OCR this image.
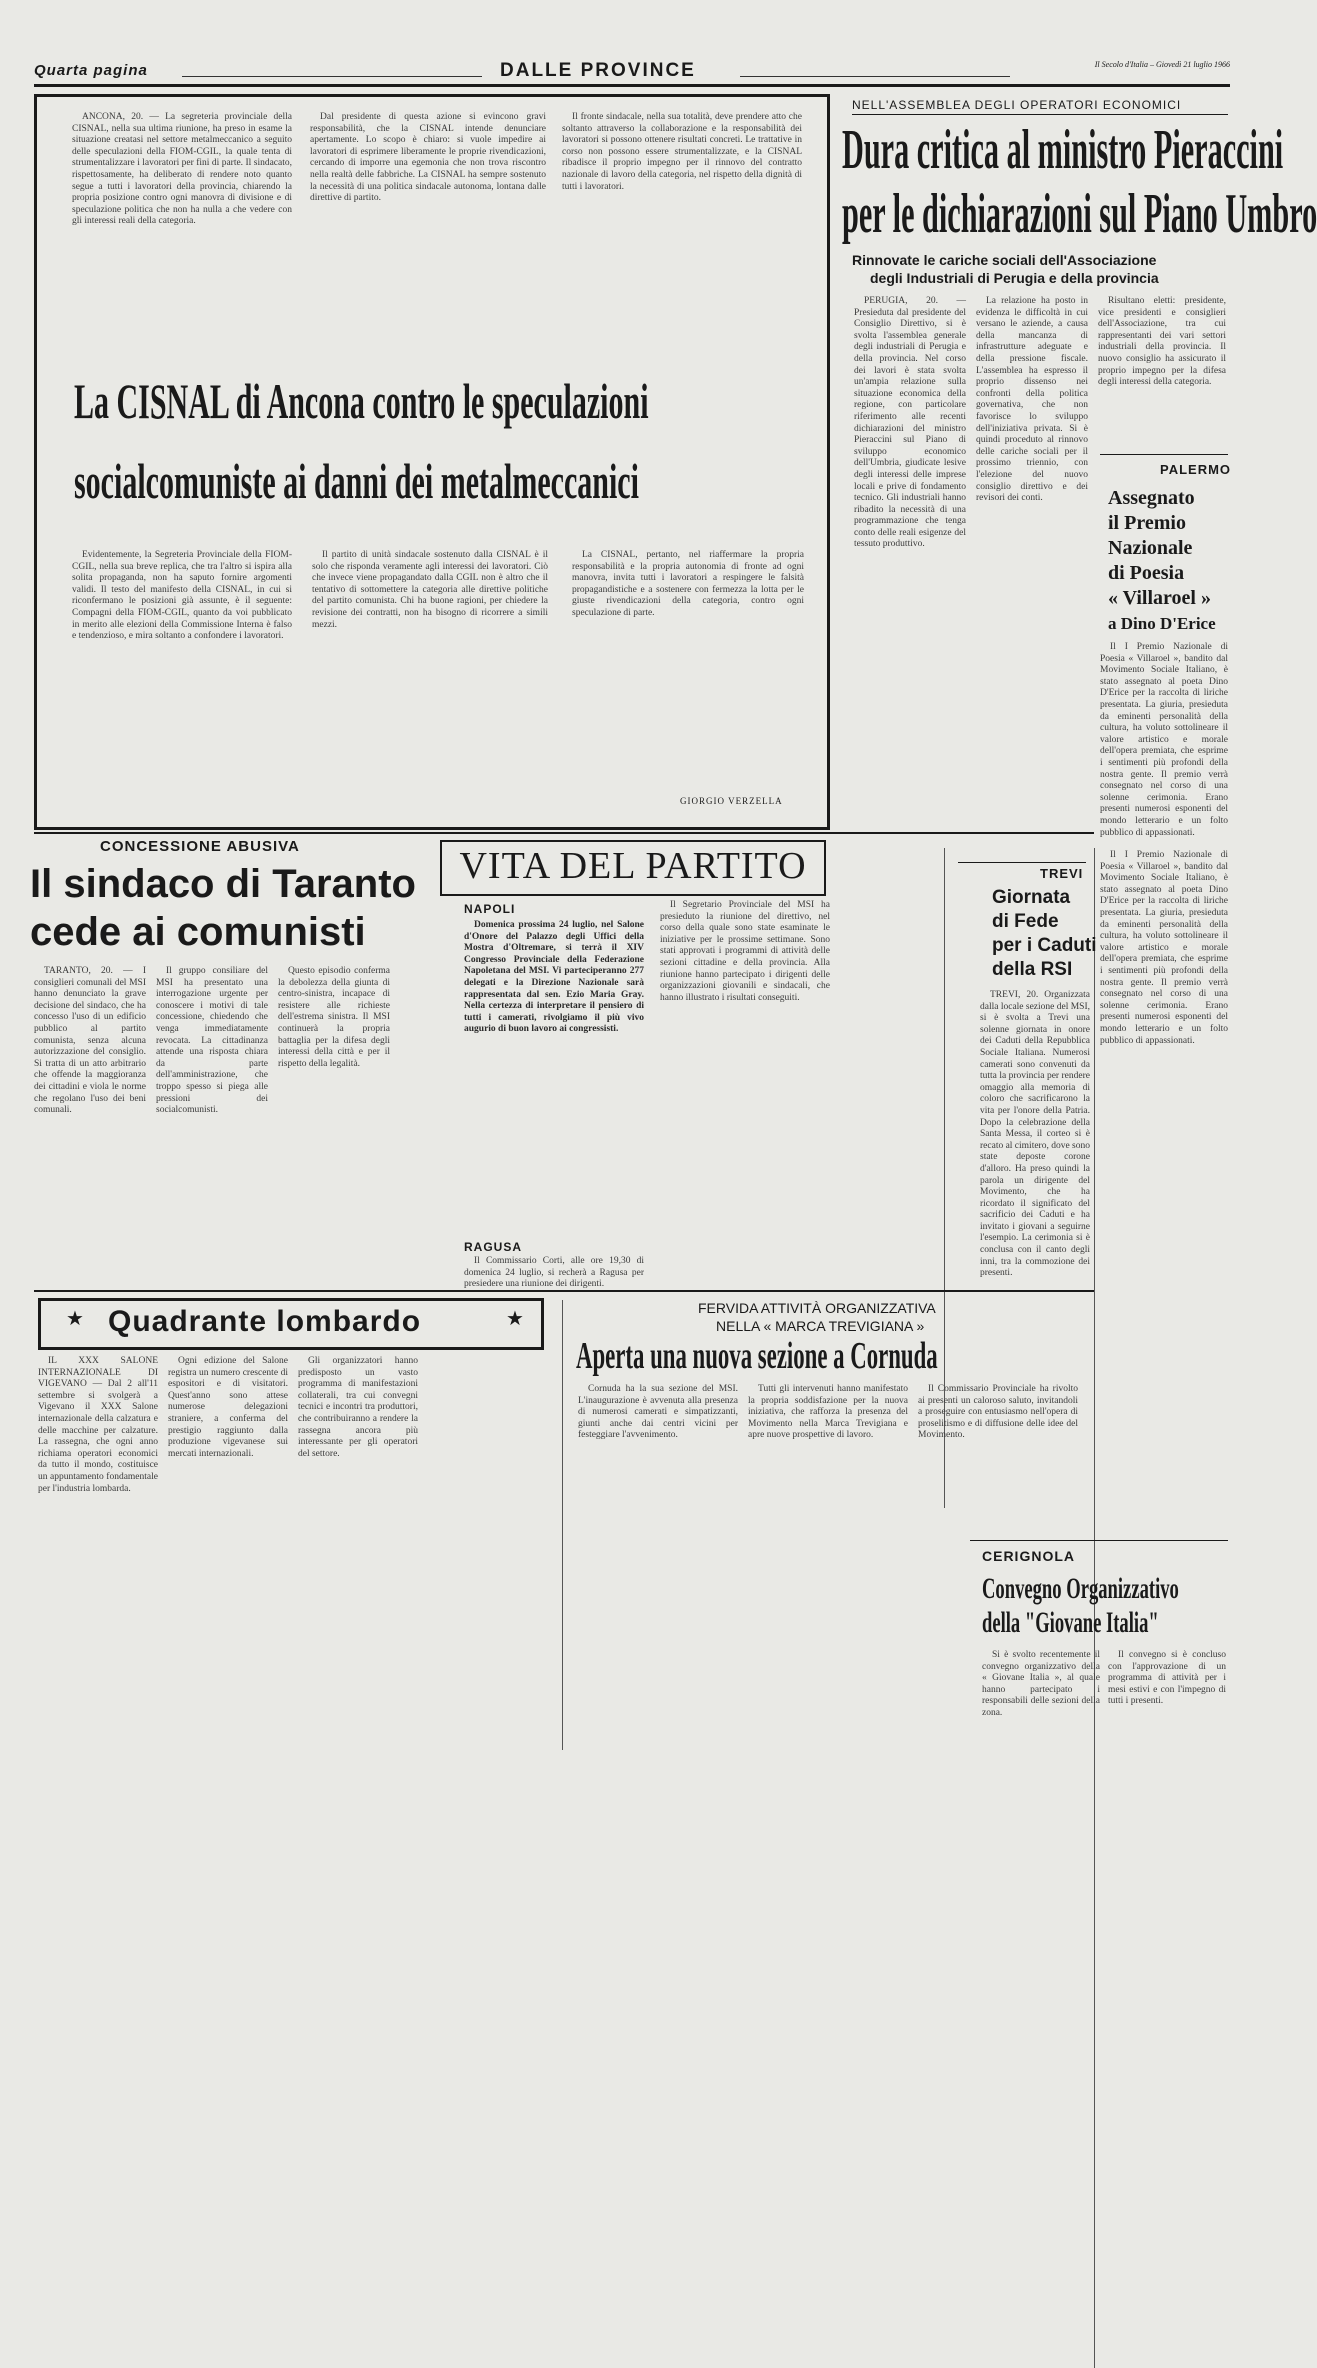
Quarta pagina	DALLE PROVINCE	Il Secolo d'Italia – Giovedì 21 luglio 1966

ANCONA, 20. — La segreteria provinciale della CISNAL, nella sua ultima riunione, ha preso in esame la situazione creatasi nel settore metalmeccanico a seguito delle speculazioni della FIOM-CGIL, la quale tenta di strumentalizzare i lavoratori per fini di parte. Il sindacato, rispettosamente, ha deliberato di rendere noto quanto segue a tutti i lavoratori della provincia, chiarendo la propria posizione contro ogni manovra di divisione e di speculazione politica che non ha nulla a che vedere con gli interessi reali della categoria.

Dal presidente di questa azione si evincono gravi responsabilità, che la CISNAL intende denunciare apertamente. Lo scopo è chiaro: si vuole impedire ai lavoratori di esprimere liberamente le proprie rivendicazioni, cercando di imporre una egemonia che non trova riscontro nella realtà delle fabbriche. La CISNAL ha sempre sostenuto la necessità di una politica sindacale autonoma, lontana dalle direttive di partito.

Il fronte sindacale, nella sua totalità, deve prendere atto che soltanto attraverso la collaborazione e la responsabilità dei lavoratori si possono ottenere risultati concreti. Le trattative in corso non possono essere strumentalizzate, e la CISNAL ribadisce il proprio impegno per il rinnovo del contratto nazionale di lavoro della categoria, nel rispetto della dignità di tutti i lavoratori.

La CISNAL di Ancona contro le speculazioni
socialcomuniste ai danni dei metalmeccanici

Evidentemente, la Segreteria Provinciale della FIOM-CGIL, nella sua breve replica, che tra l'altro si ispira alla solita propaganda, non ha saputo fornire argomenti validi. Il testo del manifesto della CISNAL, in cui si riconfermano le posizioni già assunte, è il seguente: Compagni della FIOM-CGIL, quanto da voi pubblicato in merito alle elezioni della Commissione Interna è falso e tendenzioso, e mira soltanto a confondere i lavoratori.

Il partito di unità sindacale sostenuto dalla CISNAL è il solo che risponda veramente agli interessi dei lavoratori. Ciò che invece viene propagandato dalla CGIL non è altro che il tentativo di sottomettere la categoria alle direttive politiche del partito comunista. Chi ha buone ragioni, per chiedere la revisione dei contratti, non ha bisogno di ricorrere a simili mezzi.

La CISNAL, pertanto, nel riaffermare la propria responsabilità e la propria autonomia di fronte ad ogni manovra, invita tutti i lavoratori a respingere le falsità propagandistiche e a sostenere con fermezza la lotta per le giuste rivendicazioni della categoria, contro ogni speculazione di parte.

GIORGIO VERZELLA
NELL'ASSEMBLEA DEGLI OPERATORI ECONOMICI
Dura critica al ministro Pieraccini
per le dichiarazioni sul Piano Umbro
Rinnovate le cariche sociali dell'Associazione
degli Industriali di Perugia e della provincia

PERUGIA, 20. — Presieduta dal presidente del Consiglio Direttivo, si è svolta l'assemblea generale degli industriali di Perugia e della provincia. Nel corso dei lavori è stata svolta un'ampia relazione sulla situazione economica della regione, con particolare riferimento alle recenti dichiarazioni del ministro Pieraccini sul Piano di sviluppo economico dell'Umbria, giudicate lesive degli interessi delle imprese locali e prive di fondamento tecnico. Gli industriali hanno ribadito la necessità di una programmazione che tenga conto delle reali esigenze del tessuto produttivo.

La relazione ha posto in evidenza le difficoltà in cui versano le aziende, a causa della mancanza di infrastrutture adeguate e della pressione fiscale. L'assemblea ha espresso il proprio dissenso nei confronti della politica governativa, che non favorisce lo sviluppo dell'iniziativa privata. Si è quindi proceduto al rinnovo delle cariche sociali per il prossimo triennio, con l'elezione del nuovo consiglio direttivo e dei revisori dei conti.

Risultano eletti: presidente, vice presidenti e consiglieri dell'Associazione, tra cui rappresentanti dei vari settori industriali della provincia. Il nuovo consiglio ha assicurato il proprio impegno per la difesa degli interessi della categoria.

PALERMO
Assegnato
il Premio
Nazionale
di Poesia
« Villaroel »
a Dino D'Erice

Il I Premio Nazionale di Poesia « Villaroel », bandito dal Movimento Sociale Italiano, è stato assegnato al poeta Dino D'Erice per la raccolta di liriche presentata. La giuria, presieduta da eminenti personalità della cultura, ha voluto sottolineare il valore artistico e morale dell'opera premiata, che esprime i sentimenti più profondi della nostra gente. Il premio verrà consegnato nel corso di una solenne cerimonia. Erano presenti numerosi esponenti del mondo letterario e un folto pubblico di appassionati.

CONCESSIONE ABUSIVA
Il sindaco di Taranto
cede ai comunisti

TARANTO, 20. — I consiglieri comunali del MSI hanno denunciato la grave decisione del sindaco, che ha concesso l'uso di un edificio pubblico al partito comunista, senza alcuna autorizzazione del consiglio. Si tratta di un atto arbitrario che offende la maggioranza dei cittadini e viola le norme che regolano l'uso dei beni comunali.

Il gruppo consiliare del MSI ha presentato una interrogazione urgente per conoscere i motivi di tale concessione, chiedendo che venga immediatamente revocata. La cittadinanza attende una risposta chiara da parte dell'amministrazione, che troppo spesso si piega alle pressioni dei socialcomunisti.

Questo episodio conferma la debolezza della giunta di centro-sinistra, incapace di resistere alle richieste dell'estrema sinistra. Il MSI continuerà la propria battaglia per la difesa degli interessi della città e per il rispetto della legalità.

VITA DEL PARTITO
NAPOLI

Domenica prossima 24 luglio, nel Salone d'Onore del Palazzo degli Uffici della Mostra d'Oltremare, si terrà il XIV Congresso Provinciale della Federazione Napoletana del MSI. Vi parteciperanno 277 delegati e la Direzione Nazionale sarà rappresentata dal sen. Ezio Maria Gray. Nella certezza di interpretare il pensiero di tutti i camerati, rivolgiamo il più vivo augurio di buon lavoro ai congressisti.

Il Segretario Provinciale del MSI ha presieduto la riunione del direttivo, nel corso della quale sono state esaminate le iniziative per le prossime settimane. Sono stati approvati i programmi di attività delle sezioni cittadine e della provincia. Alla riunione hanno partecipato i dirigenti delle organizzazioni giovanili e sindacali, che hanno illustrato i risultati conseguiti.

RAGUSA

Il Commissario Corti, alle ore 19,30 di domenica 24 luglio, si recherà a Ragusa per presiedere una riunione dei dirigenti.

TREVI
Giornata
di Fede
per i Caduti
della RSI

TREVI, 20. Organizzata dalla locale sezione del MSI, si è svolta a Trevi una solenne giornata in onore dei Caduti della Repubblica Sociale Italiana. Numerosi camerati sono convenuti da tutta la provincia per rendere omaggio alla memoria di coloro che sacrificarono la vita per l'onore della Patria. Dopo la celebrazione della Santa Messa, il corteo si è recato al cimitero, dove sono state deposte corone d'alloro. Ha preso quindi la parola un dirigente del Movimento, che ha ricordato il significato del sacrificio dei Caduti e ha invitato i giovani a seguirne l'esempio. La cerimonia si è conclusa con il canto degli inni, tra la commozione dei presenti.

Il I Premio Nazionale di Poesia « Villaroel », bandito dal Movimento Sociale Italiano, è stato assegnato al poeta Dino D'Erice per la raccolta di liriche presentata. La giuria, presieduta da eminenti personalità della cultura, ha voluto sottolineare il valore artistico e morale dell'opera premiata, che esprime i sentimenti più profondi della nostra gente. Il premio verrà consegnato nel corso di una solenne cerimonia. Erano presenti numerosi esponenti del mondo letterario e un folto pubblico di appassionati.

★ Quadrante lombardo	★

IL XXX SALONE INTERNAZIONALE DI VIGEVANO — Dal 2 all'11 settembre si svolgerà a Vigevano il XXX Salone internazionale della calzatura e delle macchine per calzature. La rassegna, che ogni anno richiama operatori economici da tutto il mondo, costituisce un appuntamento fondamentale per l'industria lombarda.

Ogni edizione del Salone registra un numero crescente di espositori e di visitatori. Quest'anno sono attese numerose delegazioni straniere, a conferma del prestigio raggiunto dalla produzione vigevanese sui mercati internazionali.

Gli organizzatori hanno predisposto un vasto programma di manifestazioni collaterali, tra cui convegni tecnici e incontri tra produttori, che contribuiranno a rendere la rassegna ancora più interessante per gli operatori del settore.

FERVIDA ATTIVITÀ ORGANIZZATIVA
NELLA « MARCA TREVIGIANA »
Aperta una nuova sezione a Cornuda

Cornuda ha la sua sezione del MSI. L'inaugurazione è avvenuta alla presenza di numerosi camerati e simpatizzanti, giunti anche dai centri vicini per festeggiare l'avvenimento.

Tutti gli intervenuti hanno manifestato la propria soddisfazione per la nuova iniziativa, che rafforza la presenza del Movimento nella Marca Trevigiana e apre nuove prospettive di lavoro.

Il Commissario Provinciale ha rivolto ai presenti un caloroso saluto, invitandoli a proseguire con entusiasmo nell'opera di proselitismo e di diffusione delle idee del Movimento.

CERIGNOLA
Convegno Organizzativo
della "Giovane Italia"

Si è svolto recentemente il convegno organizzativo della « Giovane Italia », al quale hanno partecipato i responsabili delle sezioni della zona.

Il convegno si è concluso con l'approvazione di un programma di attività per i mesi estivi e con l'impegno di tutti i presenti.
